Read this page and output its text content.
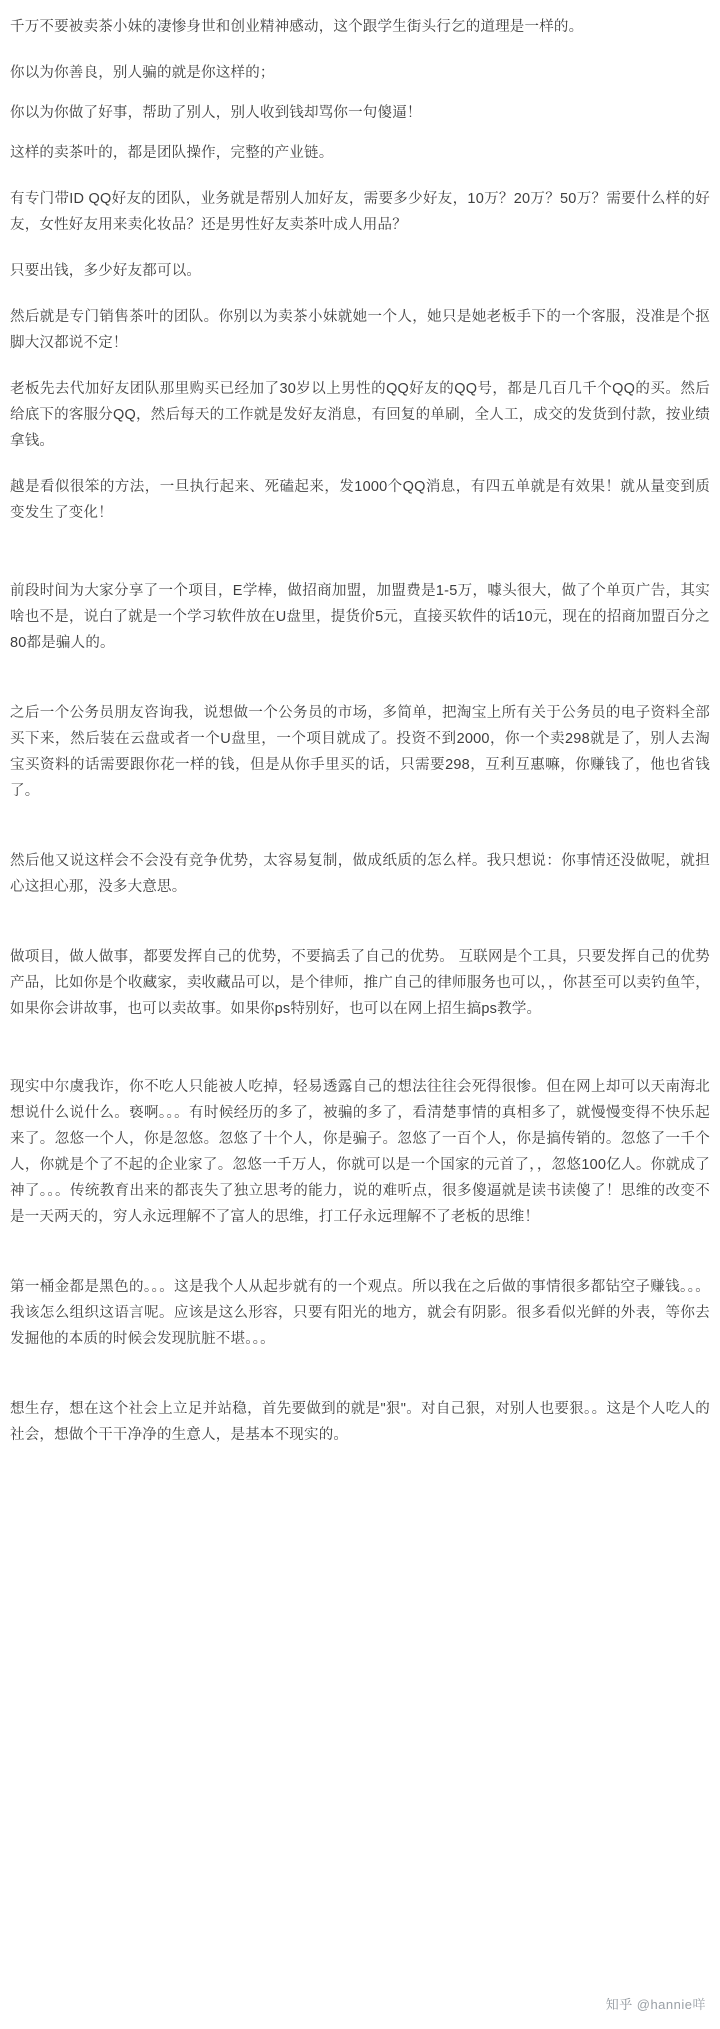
千万不要被卖茶小妹的凄惨身世和创业精神感动，这个跟学生街头行乞的道理是一样的。

你以为你善良，别人骗的就是你这样的；

你以为你做了好事，帮助了别人，别人收到钱却骂你一句傻逼！

这样的卖茶叶的，都是团队操作，完整的产业链。

有专门带ID QQ好友的团队，业务就是帮别人加好友，需要多少好友，10万？20万？50万？需要什么样的好友，女性好友用来卖化妆品？还是男性好友卖茶叶成人用品？

只要出钱，多少好友都可以。

然后就是专门销售茶叶的团队。你别以为卖茶小妹就她一个人，她只是她老板手下的一个客服，没准是个抠脚大汉都说不定！

老板先去代加好友团队那里购买已经加了30岁以上男性的QQ好友的QQ号，都是几百几千个QQ的买。然后给底下的客服分QQ，然后每天的工作就是发好友消息，有回复的单刷，全人工，成交的发货到付款，按业绩拿钱。

越是看似很笨的方法，一旦执行起来、死磕起来，发1000个QQ消息，有四五单就是有效果！就从量变到质变发生了变化！

前段时间为大家分享了一个项目，E学棒，做招商加盟，加盟费是1-5万，噱头很大，做了个单页广告，其实啥也不是，说白了就是一个学习软件放在U盘里，提货价5元，直接买软件的话10元，现在的招商加盟百分之80都是骗人的。

之后一个公务员朋友咨询我，说想做一个公务员的市场，多简单，把淘宝上所有关于公务员的电子资料全部买下来，然后装在云盘或者一个U盘里，一个项目就成了。投资不到2000，你一个卖298就是了，别人去淘宝买资料的话需要跟你花一样的钱，但是从你手里买的话，只需要298，互利互惠嘛，你赚钱了，他也省钱了。

然后他又说这样会不会没有竞争优势，太容易复制，做成纸质的怎么样。我只想说：你事情还没做呢，就担心这担心那，没多大意思。

做项目，做人做事，都要发挥自己的优势，不要搞丢了自己的优势。 互联网是个工具，只要发挥自己的优势产品，比如你是个收藏家，卖收藏品可以，是个律师，推广自己的律师服务也可以，，你甚至可以卖钓鱼竿，如果你会讲故事，也可以卖故事。如果你ps特别好，也可以在网上招生搞ps教学。

现实中尔虞我诈，你不吃人只能被人吃掉，轻易透露自己的想法往往会死得很惨。但在网上却可以天南海北想说什么说什么。亵啊。。。有时候经历的多了，被骗的多了，看清楚事情的真相多了，就慢慢变得不快乐起来了。忽悠一个人，你是忽悠。忽悠了十个人，你是骗子。忽悠了一百个人，你是搞传销的。忽悠了一千个人，你就是个了不起的企业家了。忽悠一千万人，你就可以是一个国家的元首了，，忽悠100亿人。你就成了神了。。。传统教育出来的都丧失了独立思考的能力，说的难听点，很多傻逼就是读书读傻了！思维的改变不是一天两天的，穷人永远理解不了富人的思维，打工仔永远理解不了老板的思维！

第一桶金都是黑色的。。。这是我个人从起步就有的一个观点。所以我在之后做的事情很多都钻空子赚钱。。。我该怎么组织这语言呢。应该是这么形容，只要有阳光的地方，就会有阴影。很多看似光鲜的外表，等你去发掘他的本质的时候会发现肮脏不堪。。。

想生存，想在这个社会上立足并站稳，首先要做到的就是"狠"。对自己狠，对别人也要狠。。这是个人吃人的社会，想做个干干净净的生意人，是基本不现实的。

知乎 @hannie咩
